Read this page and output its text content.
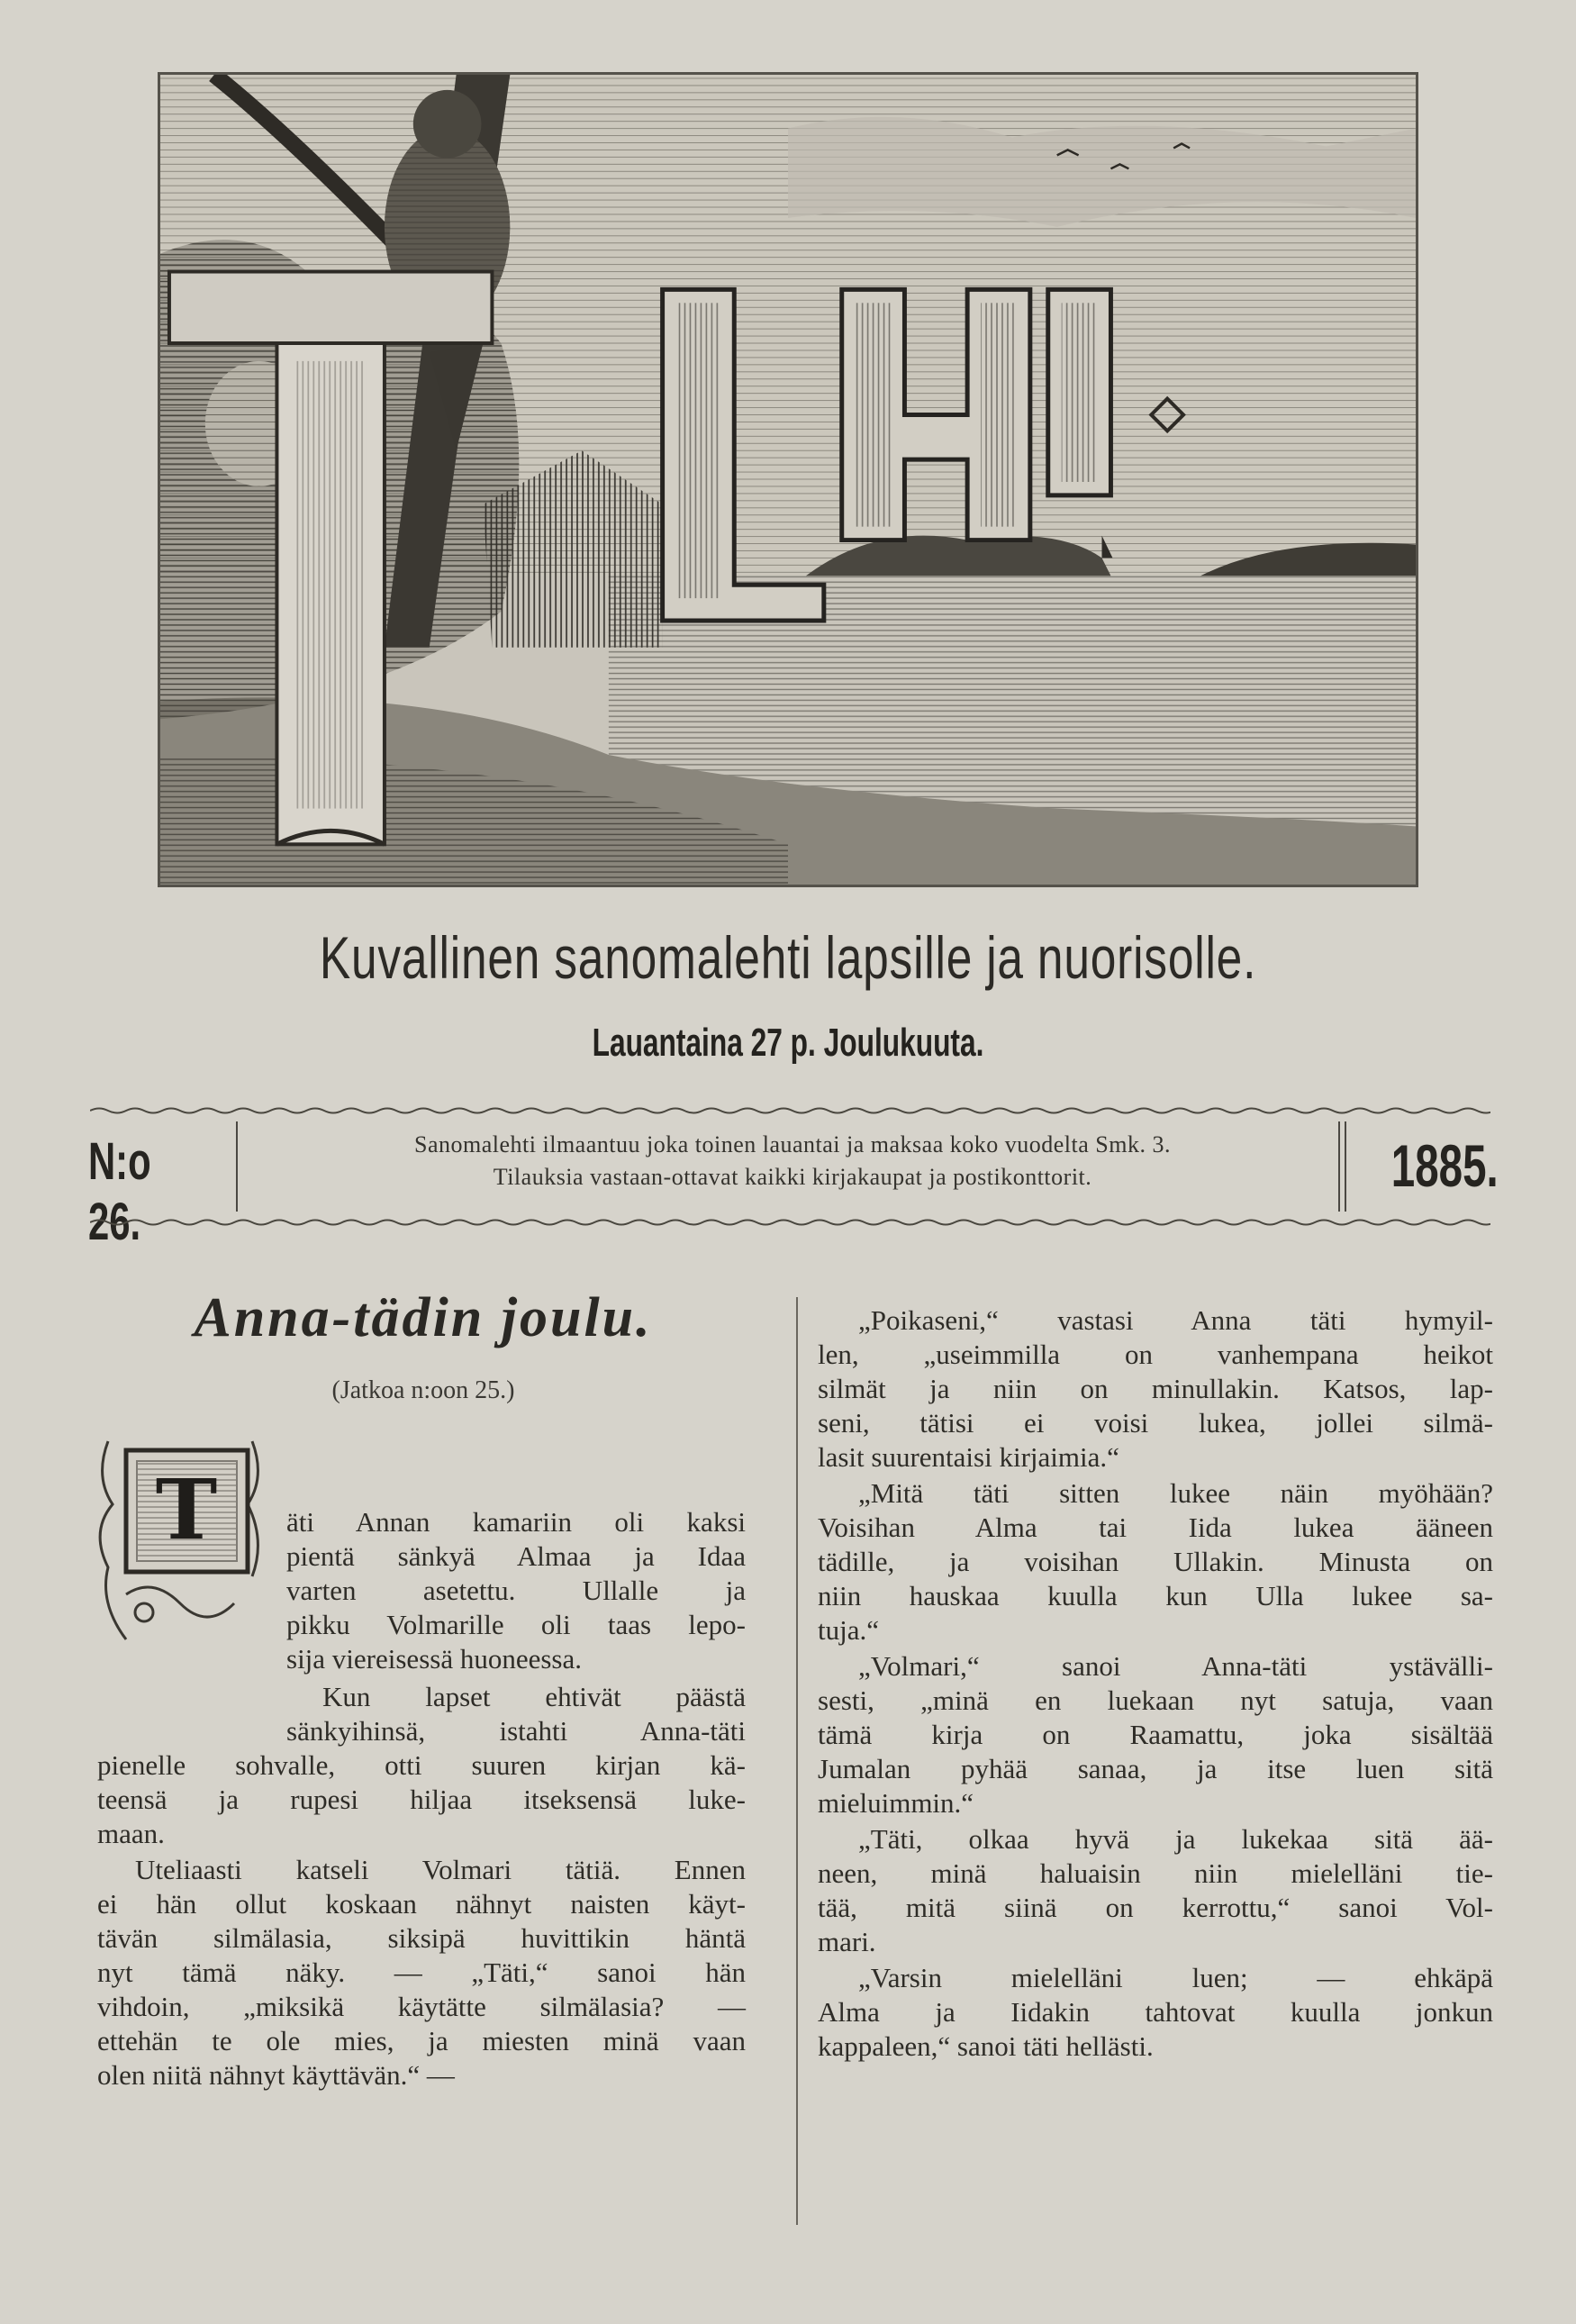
Kuvallinen sanomalehti lapsille ja nuorisolle.
Lauantaina 27 p. Joulukuuta.
N:o 26.
Sanomalehti ilmaantuu joka toinen lauantai ja maksaa koko vuodelta Smk. 3.
Tilauksia vastaan-ottavat kaikki kirjakaupat ja postikonttorit.	1885.
Anna-tädin joulu.
(Jatkoa n:oon 25.)
T äti Annan kamariin oli kaksi
pientä sänkyä Almaa ja Idaa
varten asetettu. Ullalle ja
pikku Volmarille oli taas lepo-
sija viereisessä huoneessa.
Kun lapset ehtivät päästä
sänkyihinsä, istahti Anna-täti
pienelle sohvalle, otti suuren kirjan kä-
teensä ja rupesi hiljaa itseksensä luke-
maan.
Uteliaasti katseli Volmari tätiä. Ennen
ei hän ollut koskaan nähnyt naisten käyt-
tävän silmälasia, siksipä huvittikin häntä
nyt tämä näky. — „Täti,“ sanoi hän
vihdoin, „miksikä käytätte silmälasia? —
ettehän te ole mies, ja miesten minä vaan
olen niitä nähnyt käyttävän.“ —
„Poikaseni,“ vastasi Anna täti hymyil-
len, „useimmilla on vanhempana heikot
silmät ja niin on minullakin. Katsos, lap-
seni, tätisi ei voisi lukea, jollei silmä-
lasit suurentaisi kirjaimia.“
„Mitä täti sitten lukee näin myöhään?
Voisihan Alma tai Iida lukea ääneen
tädille, ja voisihan Ullakin. Minusta on
niin hauskaa kuulla kun Ulla lukee sa-
tuja.“
„Volmari,“ sanoi Anna-täti ystävälli-
sesti, „minä en luekaan nyt satuja, vaan
tämä kirja on Raamattu, joka sisältää
Jumalan pyhää sanaa, ja itse luen sitä
mieluimmin.“
„Täti, olkaa hyvä ja lukekaa sitä ää-
neen, minä haluaisin niin mielelläni tie-
tää, mitä siinä on kerrottu,“ sanoi Vol-
mari.
„Varsin mielelläni luen; — ehkäpä
Alma ja Iidakin tahtovat kuulla jonkun
kappaleen,“ sanoi täti hellästi.
